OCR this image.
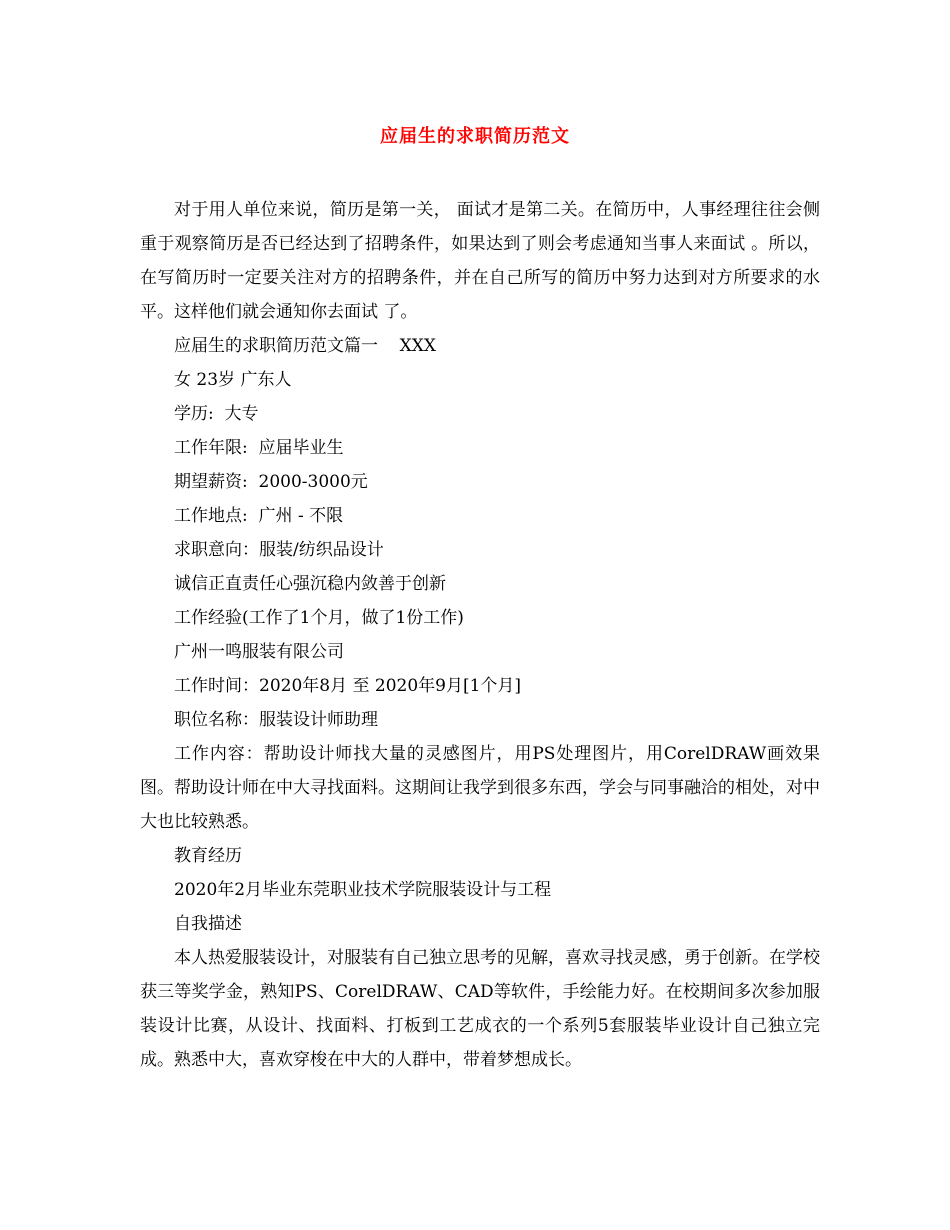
应届生的求职简历范文

对于用人单位来说，简历是第一关， 面试才是第二关。在简历中，人事经理往往会侧重于观察简历是否已经达到了招聘条件，如果达到了则会考虑通知当事人来面试 。所以，在写简历时一定要关注对方的招聘条件，并在自己所写的简历中努力达到对方所要求的水平。这样他们就会通知你去面试 了。

应届生的求职简历范文篇一    XXX

女 23岁 广东人

学历:  大专

工作年限:  应届毕业生

期望薪资:  2000-3000元

工作地点:  广州 - 不限

求职意向：服装/纺织品设计

诚信正直责任心强沉稳内敛善于创新

工作经验(工作了1个月，做了1份工作)

广州一鸣服装有限公司

工作时间：2020年8月 至 2020年9月[1个月]

职位名称：服装设计师助理

工作内容：帮助设计师找大量的灵感图片，用PS处理图片，用CorelDRAW画效果图。帮助设计师在中大寻找面料。这期间让我学到很多东西，学会与同事融洽的相处，对中大也比较熟悉。

教育经历

2020年2月毕业东莞职业技术学院服装设计与工程

自我描述

本人热爱服装设计，对服装有自己独立思考的见解，喜欢寻找灵感，勇于创新。在学校获三等奖学金，熟知PS、CorelDRAW、CAD等软件，手绘能力好。在校期间多次参加服装设计比赛，从设计、找面料、打板到工艺成衣的一个系列5套服装毕业设计自己独立完成。熟悉中大，喜欢穿梭在中大的人群中，带着梦想成长。
